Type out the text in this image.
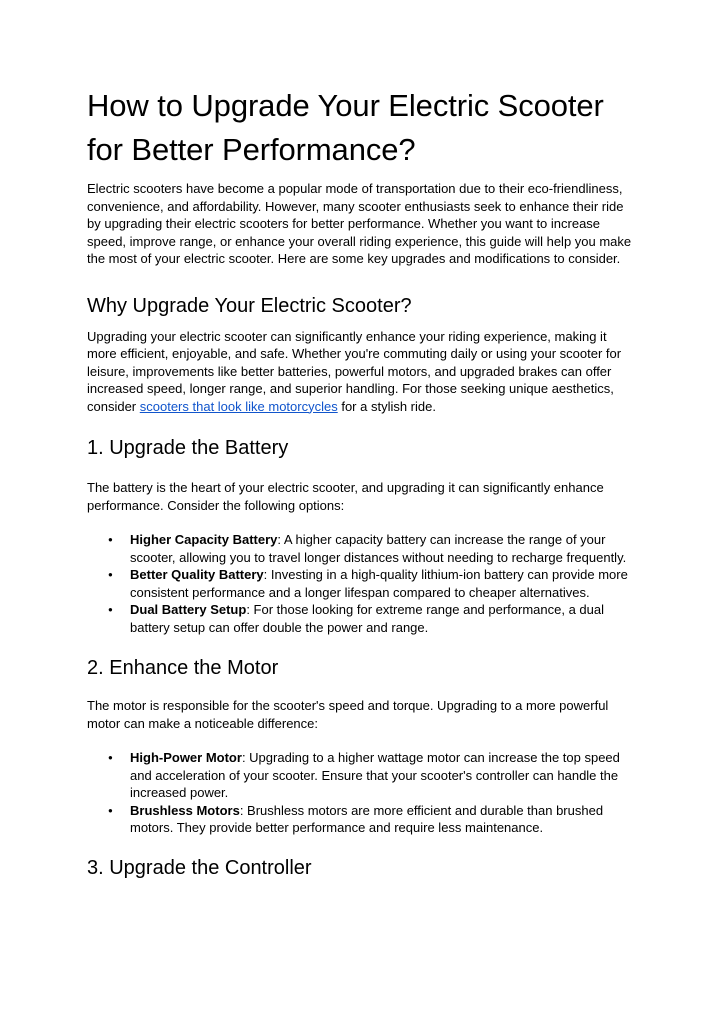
How to Upgrade Your Electric Scooter for Better Performance?

Electric scooters have become a popular mode of transportation due to their eco-friendliness, convenience, and affordability. However, many scooter enthusiasts seek to enhance their ride by upgrading their electric scooters for better performance. Whether you want to increase speed, improve range, or enhance your overall riding experience, this guide will help you make the most of your electric scooter. Here are some key upgrades and modifications to consider.

Why Upgrade Your Electric Scooter?

Upgrading your electric scooter can significantly enhance your riding experience, making it more efficient, enjoyable, and safe. Whether you're commuting daily or using your scooter for leisure, improvements like better batteries, powerful motors, and upgraded brakes can offer increased speed, longer range, and superior handling. For those seeking unique aesthetics, consider scooters that look like motorcycles for a stylish ride.

1. Upgrade the Battery

The battery is the heart of your electric scooter, and upgrading it can significantly enhance performance. Consider the following options:

● Higher Capacity Battery: A higher capacity battery can increase the range of your scooter, allowing you to travel longer distances without needing to recharge frequently.
● Better Quality Battery: Investing in a high-quality lithium-ion battery can provide more consistent performance and a longer lifespan compared to cheaper alternatives.
● Dual Battery Setup: For those looking for extreme range and performance, a dual battery setup can offer double the power and range.
2. Enhance the Motor

The motor is responsible for the scooter's speed and torque. Upgrading to a more powerful motor can make a noticeable difference:

● High-Power Motor: Upgrading to a higher wattage motor can increase the top speed and acceleration of your scooter. Ensure that your scooter's controller can handle the increased power.
● Brushless Motors: Brushless motors are more efficient and durable than brushed motors. They provide better performance and require less maintenance.
3. Upgrade the Controller
